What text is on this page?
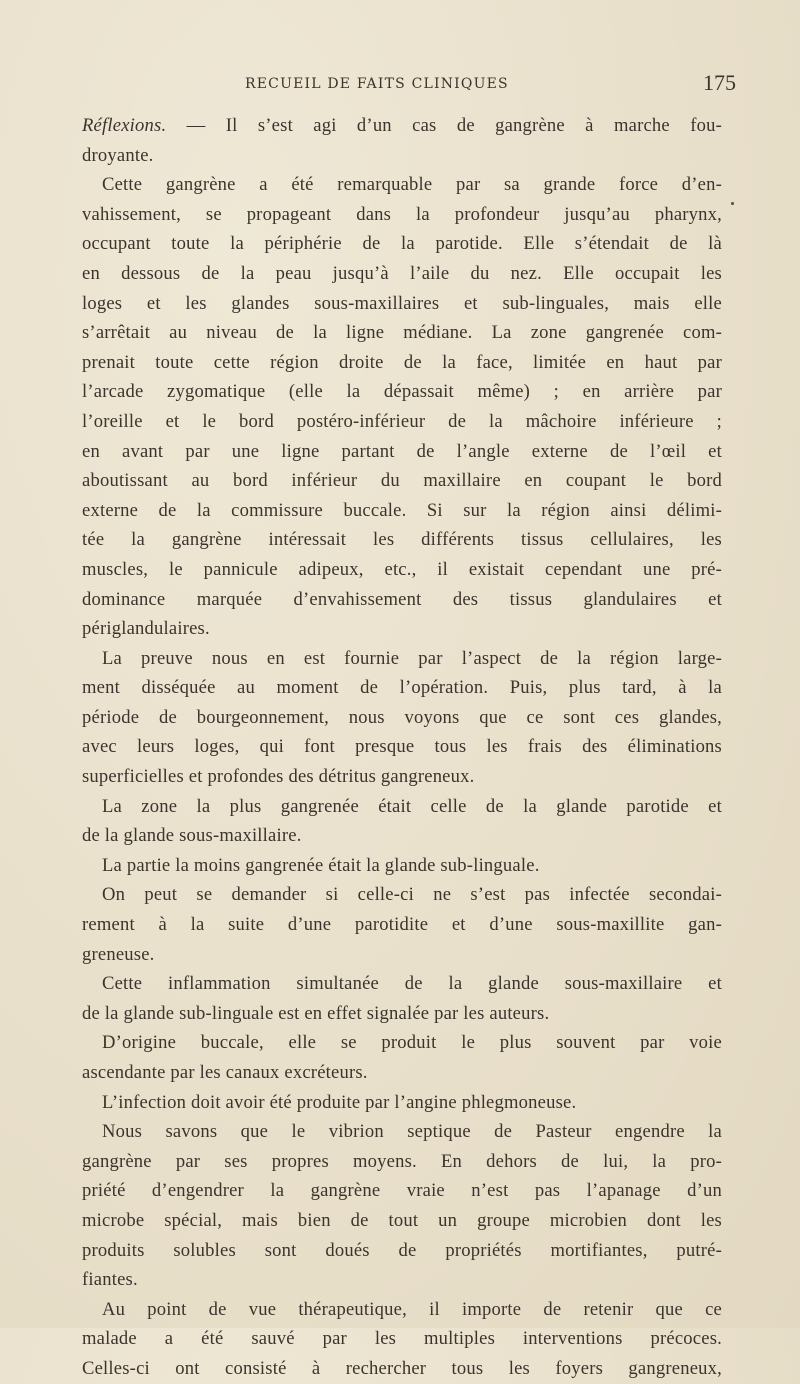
RECUEIL DE FAITS CLINIQUES	175
Réflexions. — Il s’est agi d’un cas de gangrène à marche fou-
droyante.
Cette gangrène a été remarquable par sa grande force d’en-
vahissement, se propageant dans la profondeur jusqu’au pharynx,
occupant toute la périphérie de la parotide. Elle s’étendait de là
en dessous de la peau jusqu’à l’aile du nez. Elle occupait les
loges et les glandes sous-maxillaires et sub-linguales, mais elle
s’arrêtait au niveau de la ligne médiane. La zone gangrenée com-
prenait toute cette région droite de la face, limitée en haut par
l’arcade zygomatique (elle la dépassait même) ; en arrière par
l’oreille et le bord postéro-inférieur de la mâchoire inférieure ;
en avant par une ligne partant de l’angle externe de l’œil et
aboutissant au bord inférieur du maxillaire en coupant le bord
externe de la commissure buccale. Si sur la région ainsi délimi-
tée la gangrène intéressait les différents tissus cellulaires, les
muscles, le pannicule adipeux, etc., il existait cependant une pré-
dominance marquée d’envahissement des tissus glandulaires et
périglandulaires.
La preuve nous en est fournie par l’aspect de la région large-
ment disséquée au moment de l’opération. Puis, plus tard, à la
période de bourgeonnement, nous voyons que ce sont ces glandes,
avec leurs loges, qui font presque tous les frais des éliminations
superficielles et profondes des détritus gangreneux.
La zone la plus gangrenée était celle de la glande parotide et
de la glande sous-maxillaire.
La partie la moins gangrenée était la glande sub-linguale.
On peut se demander si celle-ci ne s’est pas infectée secondai-
rement à la suite d’une parotidite et d’une sous-maxillite gan-
greneuse.
Cette inflammation simultanée de la glande sous-maxillaire et
de la glande sub-linguale est en effet signalée par les auteurs.
D’origine buccale, elle se produit le plus souvent par voie
ascendante par les canaux excréteurs.
L’infection doit avoir été produite par l’angine phlegmoneuse.
Nous savons que le vibrion septique de Pasteur engendre la
gangrène par ses propres moyens. En dehors de lui, la pro-
priété d’engendrer la gangrène vraie n’est pas l’apanage d’un
microbe spécial, mais bien de tout un groupe microbien dont les
produits solubles sont doués de propriétés mortifiantes, putré-
fiantes.
Au point de vue thérapeutique, il importe de retenir que ce
malade a été sauvé par les multiples interventions précoces.
Celles-ci ont consisté à rechercher tous les foyers gangreneux,
